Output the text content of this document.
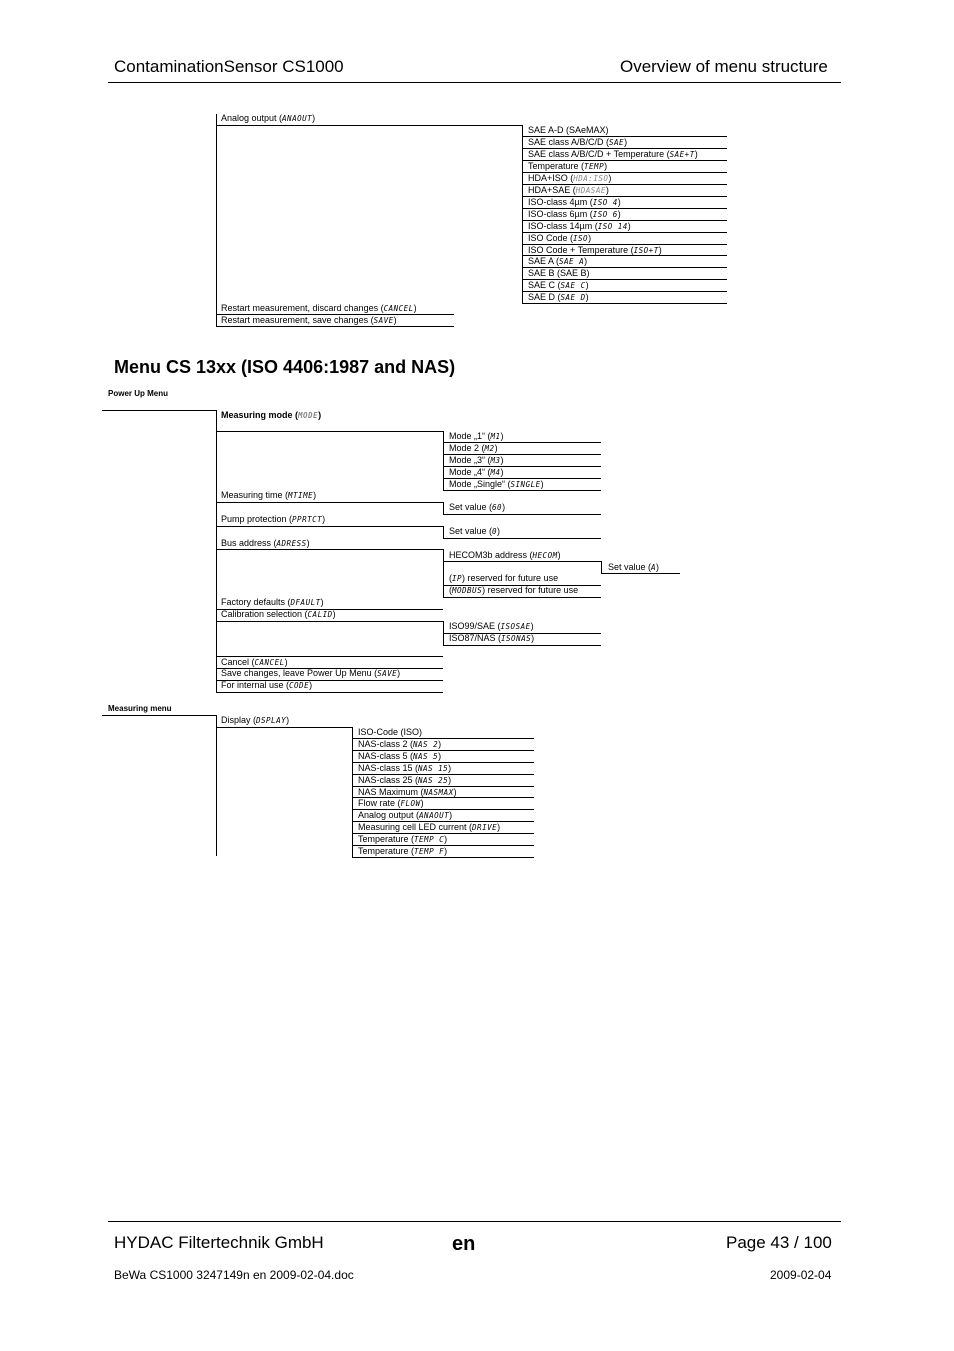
ContaminationSensor CS1000	Overview of menu structure
Analog output (ANAOUT)
SAE A-D (SAeMAX)
SAE class A/B/C/D (SAE)
SAE class A/B/C/D + Temperature (SAE+T)
Temperature (TEMP)
HDA+ISO (HDA:ISO)
HDA+SAE (HDASAE)
ISO-class 4µm (ISO 4)
ISO-class 6µm (ISO 6)
ISO-class 14µm (ISO 14)
ISO Code (ISO)
ISO Code + Temperature (ISO+T)
SAE A (SAE A)
SAE B (SAE B)
SAE C (SAE C)
SAE D (SAE D)
Restart measurement, discard changes (CANCEL)
Restart measurement, save changes (SAVE)
Menu CS 13xx (ISO 4406:1987 and NAS)
Power Up Menu
Measuring mode (MODE)
Mode „1“ (M1)
Mode 2 (M2)
Mode „3“ (M3)
Mode „4“ (M4)
Mode „Single“ (SINGLE)
Measuring time (MTIME)
Set value (60)
Pump protection (PPRTCT)
Set value (0)
Bus address (ADRESS)
HECOM3b address (HECOM)
Set value (A)
(IP) reserved for future use
(MODBUS) reserved for future use
Factory defaults (DFAULT)
Calibration selection (CALID)
ISO99/SAE (ISOSAE)
ISO87/NAS (ISONAS)
Cancel (CANCEL)
Save changes, leave Power Up Menu (SAVE)
For internal use (CODE)
Measuring menu
Display (DSPLAY)
ISO-Code (ISO)
NAS-class 2 (NAS 2)
NAS-class 5 (NAS 5)
NAS-class 15 (NAS 15)
NAS-class 25 (NAS 25)
NAS Maximum (NASMAX)
Flow rate (FLOW)
Analog output (ANAOUT)
Measuring cell LED current (DRIVE)
Temperature (TEMP C)
Temperature (TEMP F)
HYDAC Filtertechnik GmbH	en	Page 43 / 100
BeWa CS1000 3247149n en 2009-02-04.doc	2009-02-04
